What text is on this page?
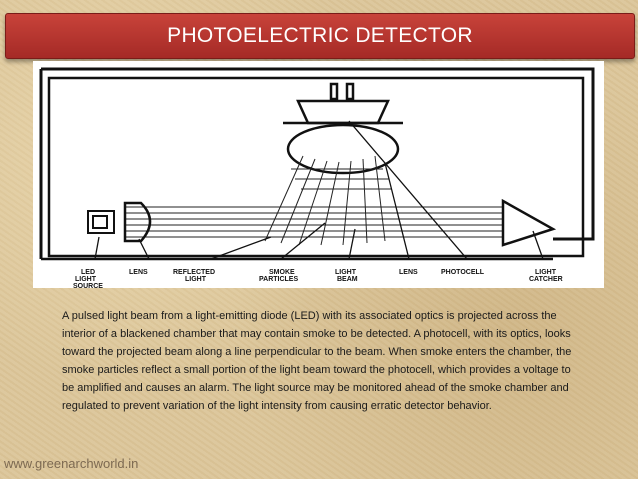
PHOTOELECTRIC DETECTOR
LED LIGHT SOURCE
LENS	REFLECTED LIGHT
SMOKE PARTICLES
LIGHT BEAM
LENS	PHOTOCELL	LIGHT CATCHER
A pulsed light beam from a light-emitting diode (LED) with its associated optics is projected across the interior of a blackened chamber that may contain smoke to be detected. A photocell, with its optics, looks toward the projected beam along a line perpendicular to the beam. When smoke enters the chamber, the smoke particles reflect a small portion of the light beam toward the photocell, which provides a voltage to be amplified and causes an alarm. The light source may be monitored ahead of the smoke chamber and regulated to prevent variation of the light intensity from causing erratic detector behavior.
www.greenarchworld.in
